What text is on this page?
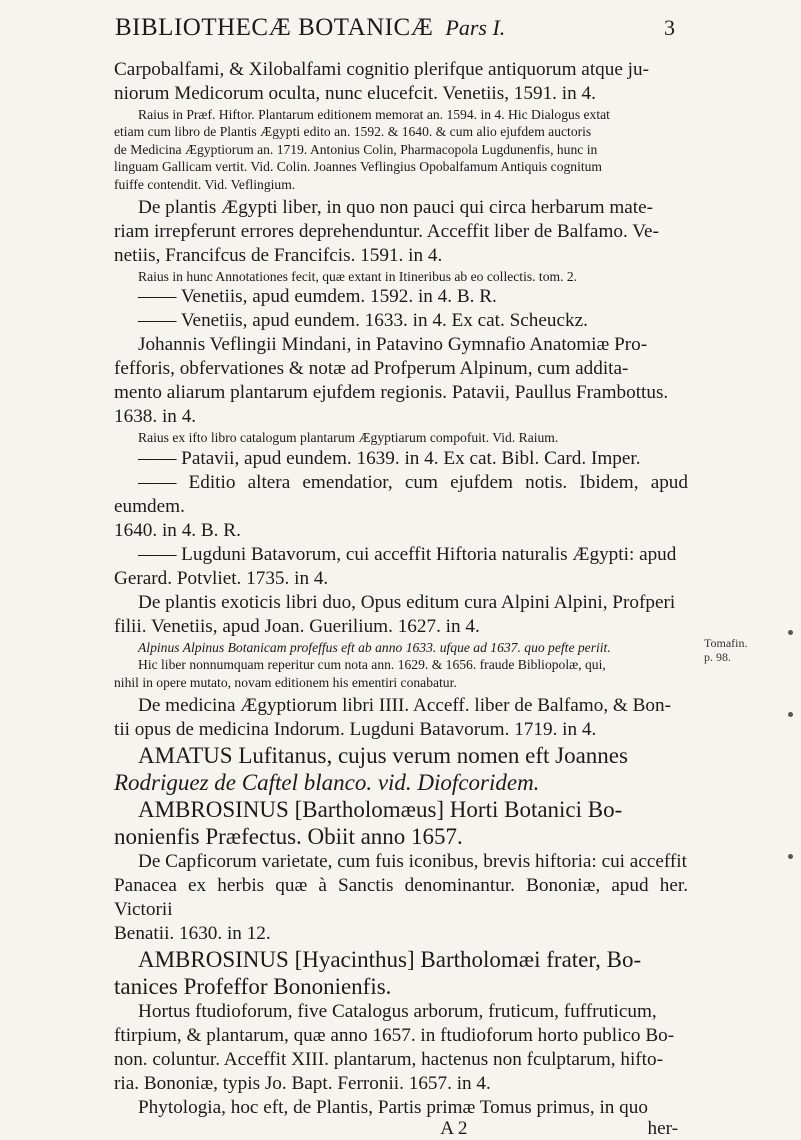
BIBLIOTHECÆ BOTANICÆ Pars I.	3

Carpobalfami, & Xilobalfami cognitio plerifque antiquorum atque ju-

niorum Medicorum oculta, nunc elucefcit. Venetiis, 1591. in 4.

Raius in Præf. Hiftor. Plantarum editionem memorat an. 1594. in 4. Hic Dialogus extat

etiam cum libro de Plantis Ægypti edito an. 1592. & 1640. & cum alio ejufdem auctoris

de Medicina Ægyptiorum an. 1719. Antonius Colin, Pharmacopola Lugdunenfis, hunc in

linguam Gallicam vertit. Vid. Colin. Joannes Veflingius Opobalfamum Antiquis cognitum

fuiffe contendit. Vid. Veflingium.

De plantis Ægypti liber, in quo non pauci qui circa herbarum mate-

riam irrepferunt errores deprehenduntur. Acceffit liber de Balfamo. Ve-

netiis, Francifcus de Francifcis. 1591. in 4.

Raius in hunc Annotationes fecit, quæ extant in Itineribus ab eo collectis. tom. 2.

—— Venetiis, apud eumdem. 1592. in 4. B. R.

—— Venetiis, apud eundem. 1633. in 4. Ex cat. Scheuckz.

Johannis Veflingii Mindani, in Patavino Gymnafio Anatomiæ Pro-

fefforis, obfervationes & notæ ad Profperum Alpinum, cum addita-

mento aliarum plantarum ejufdem regionis. Patavii, Paullus Frambottus.

1638. in 4.

Raius ex ifto libro catalogum plantarum Ægyptiarum compofuit. Vid. Raium.

—— Patavii, apud eundem. 1639. in 4. Ex cat. Bibl. Card. Imper.

—— Editio altera emendatior, cum ejufdem notis. Ibidem, apud eumdem.

1640. in 4. B. R.

—— Lugduni Batavorum, cui acceffit Hiftoria naturalis Ægypti: apud

Gerard. Potvliet. 1735. in 4.

De plantis exoticis libri duo, Opus editum cura Alpini Alpini, Profperi

filii. Venetiis, apud Joan. Guerilium. 1627. in 4.

Alpinus Alpinus Botanicam profeffus eft ab anno 1633. ufque ad 1637. quo pefte periit.

Hic liber nonnumquam reperitur cum nota ann. 1629. & 1656. fraude Bibliopolæ, qui,

nihil in opere mutato, novam editionem his ementiri conabatur.

De medicina Ægyptiorum libri IIII. Acceff. liber de Balfamo, & Bon-

tii opus de medicina Indorum. Lugduni Batavorum. 1719. in 4.

AMATUS Lufitanus, cujus verum nomen eft Joannes

Rodriguez de Caftel blanco. vid. Diofcoridem.

AMBROSINUS [Bartholomæus] Horti Botanici Bo-

nonienfis Præfectus. Obiit anno 1657.

De Capficorum varietate, cum fuis iconibus, brevis hiftoria: cui acceffit

Panacea ex herbis quæ à Sanctis denominantur. Bononiæ, apud her. Victorii

Benatii. 1630. in 12.

AMBROSINUS [Hyacinthus] Bartholomæi frater, Bo-

tanices Profeffor Bononienfis.

Hortus ftudioforum, five Catalogus arborum, fruticum, fuffruticum,

ftirpium, & plantarum, quæ anno 1657. in ftudioforum horto publico Bo-

non. coluntur. Acceffit XIII. plantarum, hactenus non fculptarum, hifto-

ria. Bononiæ, typis Jo. Bapt. Ferronii. 1657. in 4.

Phytologia, hoc eft, de Plantis, Partis primæ Tomus primus, in quo

A 2	her-
Tomafin.
p. 98.
